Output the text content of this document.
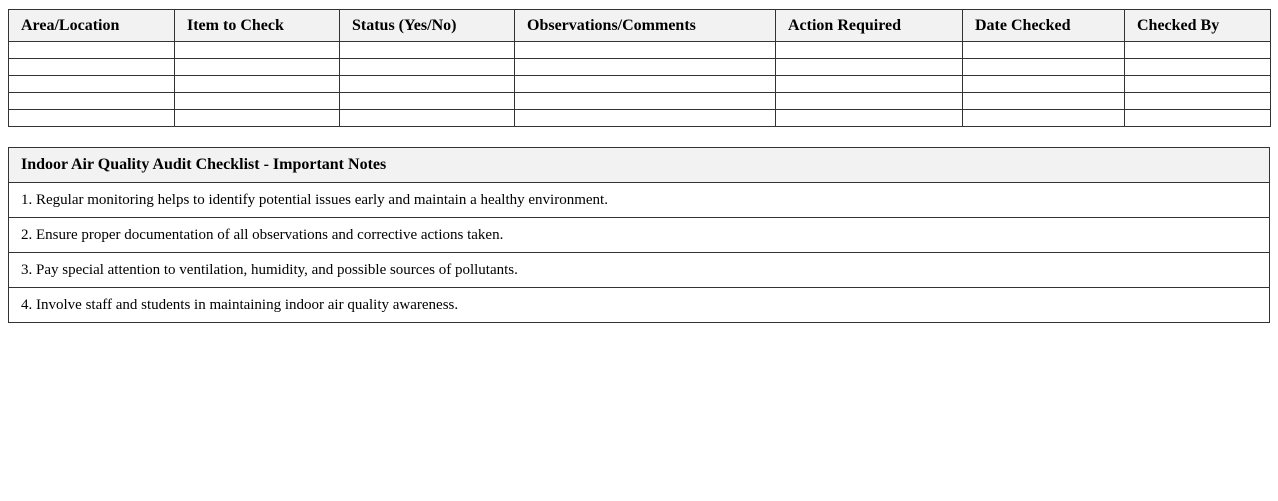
Area/Location	Item to Check	Status (Yes/No)	Observations/Comments	Action Required	Date Checked	Checked By

Indoor Air Quality Audit Checklist - Important Notes
1. Regular monitoring helps to identify potential issues early and maintain a healthy environment.
2. Ensure proper documentation of all observations and corrective actions taken.
3. Pay special attention to ventilation, humidity, and possible sources of pollutants.
4. Involve staff and students in maintaining indoor air quality awareness.
